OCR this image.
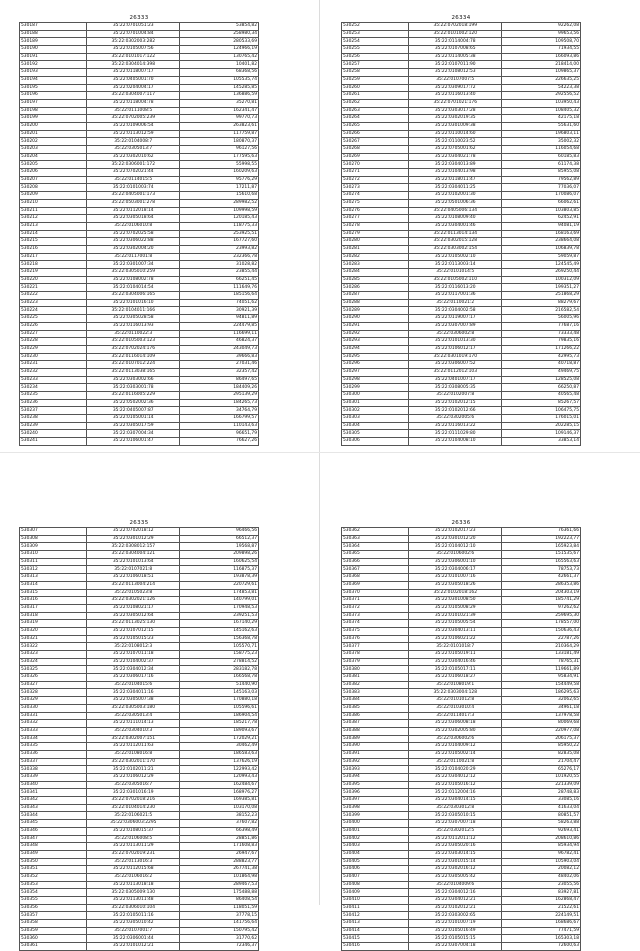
26333
530187	35:22:0701051:23	53854,82
530188	35:22:0701004:84	258980,34
530189	35:22:0302003:282	280533,69
530190	35:22:0105007:56	124966,19
530191	35:22:0101017:122	130765,42
530192	35:22:0304014:398	10401,82
530193	35:22:0118007:17	68368,56
530194	35:22:0405001:70	105535,74
530195	35:22:0204004:17	145285,85
530196	35:22:0304007:117	136886,59
530197	35:22:0118004:78	35270,81
530198	35:22:0111008:5	162341,47
530199	35:22:0702005:239	99770,73
530200	35:22:0109006:54	263823,61
530201	35:22:0113012:59	117759,87
530202	35:22:0104008:7	180870,37
530203	35:22:0305013:7	96127,56
530204	35:22:0302010:62	177595,63
530205	35:22:0306001:172	55998,55
530206	35:22:0702021:44	160209,63
530207	35:22:0114015:5	95776,29
530208	35:22:0101003:74	17211,87
530209	35:22:0405001:173	15610,68
530210	35:22:0503001:278	289982,52
530211	35:22:0112018:14	109998,59
530212	35:22:0305018:64	120185,43
530213	35:22:0106010:8	118775,33
530214	35:22:0702025:58	253925,51
530215	35:22:0306022:88	167727,60
530216	35:22:0302004:20	23993,82
530217	35:22:0117001:8	232366,78
530218	35:22:0301007:34	31028,82
530219	35:22:0305010:259	23855,44
530220	35:22:0108002:78	66251,45
530221	35:22:0104014:54	111649,76
530222	35:22:0304006:165	185156,64
530223	35:22:0101016:10	74051,62
530224	35:22:0104011:166	30921,39
530225	35:22:0305028:58	94811,89
530226	35:22:0116013:93	224479,85
530227	35:22:0110022:3	116699,11
530228	35:22:0105003:123	46824,37
530229	35:22:0702024:176	243049,73
530230	35:22:0116014:109	39666,83
530231	35:22:0107012:224	27031,46
530232	35:22:0113038:165	32357,42
530233	35:22:0303002:66	86497,65
530234	35:22:0303001:78	184409,26
530235	35:22:0116005:229	295139,29
530236	35:22:0502002:36	184265,73
530237	35:22:0405007:87	34764,79
530238	35:22:0105001:14	166799,57
530239	35:22:0305017:59	110143,63
530240	35:22:0307004:34	96651,79
530241	35:22:0106001:47	76627,26
26334
530252	35:22:0702018:199	92262,08
530253	35:22:0101002:120	99653,56
530254	35:22:0114004:78	109508,70
530255	35:22:0107008:65	71934,55
530256	35:22:0114005:38	166093,86
530257	35:22:0107011:90	218414,00
530258	35:22:0108012:53	109865,37
530259	35:22:0107007:5	226635,25
530260	35:22:0309017:72	54223,38
530261	35:22:0116013:40	292556,52
530262	35:22:0701021:176	103950,43
530263	35:22:0303017:28	108405,32
530264	35:22:0302019:35	42175,18
530265	35:22:0301009:38	55631,60
530266	35:22:0110014:60	196803,11
530267	35:22:0110023:52	35002,32
530268	35:22:0705001:62	116054,68
530269	35:22:0304021:78	60185,83
530270	35:22:0304013:89	61174,38
530271	35:22:0104013:98	85955,08
530272	35:22:0118011:47	79562,89
530273	35:22:0304011:25	77036,07
530274	35:22:0102001:30	170086,07
530275	35:22:0501006:36	66062,61
530276	35:22:0405006:134	103803,85
530277	35:22:0108009:40	62452,91
530278	35:22:0304001:46	94081,19
530279	35:22:0113014:134	168163,69
530280	35:22:0302015:128	238664,08
530281	35:22:0303002:154	106839,78
530282	35:22:0105002:10	59059,87
530283	35:22:0113003:14	124545,49
530284	35:22:0101014:5	269250,44
530285	35:22:0105002:110	100312,09
530286	35:22:0116013:20	199351,27
530287	35:22:0117001:36	251868,29
530288	35:22:0110021:2	88279,67
530289	35:22:0304002:58	216582,54
530290	35:22:0119007:17	56005,96
530291	35:22:0307007:89	77687,16
530292	35:22:0306002:8	73333,48
530293	35:22:0101013:30	79835,16
530294	35:22:0106012:17	171266,22
530295	35:22:0301019:170	42995,73
530296	35:22:0306007:52	40718,87
530297	35:22:0112012:103	49469,75
530298	35:22:0401007:17	128525,08
530299	35:22:0308005:35	66250,87
530300	35:22:0102007:8	40565,48
530301	35:22:0102012:15	85267,57
530302	35:22:0102012:66	106475,75
530303	35:22:0302005:6	176015,01
530304	35:22:0116013:22	202285,15
530305	35:22:0111029:80	109146,37
530306	35:22:0104008:10	33853,14
26335
530307	35:22:0702018:12	96466,56
530308	35:22:0301012:29	66512,37
530309	35:22:0308012:157	19568,87
530310	35:22:0304004:121	209898,26
530311	35:22:0101013:64	160625,54
530312	35:22:0107021:8	116875,37
530313	35:22:0106018:51	193878,39
530314	35:22:0113004:214	220729,61
530315	35:22:0105023:8	174853,81
530316	35:22:0302021:126	140799,01
530317	35:22:0108021:17	170948,53
530318	35:22:0305012:64	239251,53
530319	35:22:0113025:130	167140,29
530320	35:22:0107012:15	145162,63
530321	35:22:0105015:23	156368,78
530322	35:22:0108012:3	105570,71
530323	35:22:0107011:18	158775,23
530324	35:22:0104002:37	278814,52
530325	35:22:0304012:34	283182,78
530326	35:22:0306017:16	166568,78
530327	35:22:0104015:6	51440,90
530328	35:22:0304011:16	145163,03
530329	35:22:0305007:38	170880,18
530330	35:22:0305003:180	105596,61
530331	35:22:0305013:4	186904,54
530332	35:22:0111014:13	185217,78
530333	35:22:0304010:3	189093,67
530334	35:22:0302007:151	172029,21
530335	35:22:0112011:63	30462,49
530336	35:22:0108016:8	186583,63
530337	35:22:0302011:170	137626,19
530338	35:22:0102011:21	122993,42
530339	35:22:0106012:29	120993,43
530340	35:22:0305016:7	162484,67
530341	35:22:0301016:19	168976,27
530342	35:22:0702018:216	169385,81
530343	35:22:0104014:230	103170,08
530344	35:22:0106021:5	38152,23
530345	35:22:0306003:2295	37607,82
530346	35:22:0108015:37	66398,49
530347	35:22:0106008:5	28851,86
530348	35:22:0113011:29	171608,83
530349	35:22:0702019:231	26947,67
530350	35:22:0113016:3	288823,77
530351	35:22:0112015:68	267741,38
530352	35:22:0106016:2	101864,98
530353	35:22:0113018:18	289467,53
530354	35:22:0305009:130	175488,88
530355	35:22:0113011:48	86408,54
530356	35:22:0306010:104	118051,59
530357	35:22:0105011:16	37778,15
530358	35:22:0305010:42	141756,64
530359	35:22:0107001:7	150795,42
530360	35:22:0306001:44	31770,62
530361	35:22:0101012:21	72346,37
26336
530362	35:22:0102017:23	76361,66
530363	35:22:0301012:20	192223,77
530364	35:22:0104012:10	165923,84
530365	35:22:0106002:6	151535,67
530366	35:22:0306001:10	165563,63
530367	35:22:0304006:17	78753,73
530368	35:22:0101007:16	42661,37
530369	35:22:0305018:26	286353,86
530370	35:22:0102018:162	204303,19
530371	35:22:0301008:50	185741,29
530372	35:22:0105008:29	97262,62
530373	35:22:0101021:39	259695,30
530374	35:22:0105005:54	178557,00
530375	35:22:0304013:11	150636,43
530376	35:22:0106021:22	22787,26
530377	35:22:0101018:7	210364,29
530378	35:22:0105019:11	133181,49
530379	35:22:0304016:46	78765,31
530380	35:22:0105017:11	119661,89
530381	35:22:0106018:27	95834,91
530382	35:22:0108019:1	154449,58
530383	35:22:0303004:128	186295,63
530384	35:22:0101012:8	32062,65
530385	35:22:0103010:4	34961,18
530386	35:22:0114017:3	137978,58
530387	35:22:0306008:18	80069,68
530388	35:22:0302005:80	220977,08
530389	35:22:0306002:6	206175,37
530390	35:22:0104009:12	85950,22
530391	35:22:0105002:14	82835,08
530392	35:22:0110021:8	21704,47
530393	35:22:0104020:29	65276,17
530394	35:22:0304012:12	101920,55
530395	35:22:0105016:12	221339,09
530396	35:22:0112004:16	28748,83
530397	35:22:0304014:15	33085,16
530398	35:22:0303012:8	41633,04
530399	35:22:0305010:15	80851,57
530400	35:22:0307007:18	58263,88
530401	35:22:0302012:5	92693,41
530402	35:22:0112011:12	208610,86
530403	35:22:0305020:16	85934,94
530404	35:22:0303014:15	96782,41
530405	35:22:0301015:14	105903,04
530406	35:22:0302016:12	20082,12
530407	35:22:0305005:42	48402,06
530408	35:22:0104009:6	23055,56
530409	35:22:0304012:16	83927,81
530410	35:22:0304012:21	162868,47
530411	35:22:0102012:21	21522,61
530412	35:22:0303002:65	224149,51
530413	35:22:0101007:19	168686,67
530414	35:22:0105016:49	77471,59
530415	35:22:0105015:15	165303,18
530416	35:22:0307004:18	72600,63
